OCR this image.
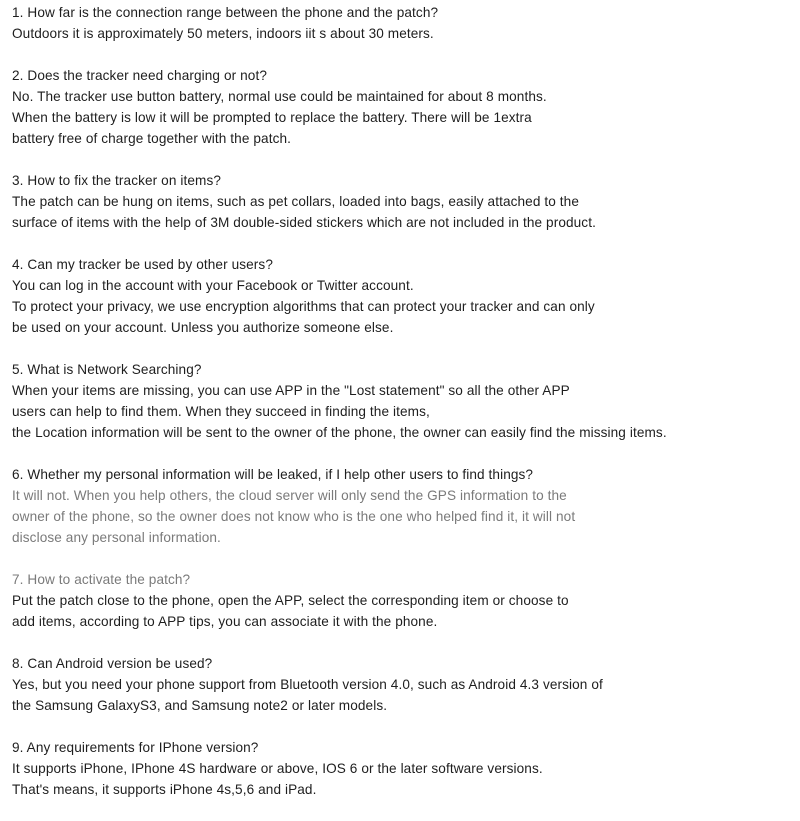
1. How far is the connection range between the phone and the patch?
Outdoors it is approximately 50 meters, indoors iit s about 30 meters.
2. Does the tracker need charging or not?
No. The tracker use button battery, normal use could be maintained for about 8 months.
When the battery is low it will be prompted to replace the battery. There will be 1extra
battery free of charge together with the patch.
3. How to fix the tracker on items?
The patch can be hung on items, such as pet collars, loaded into bags, easily attached to the
surface of items with the help of 3M double-sided stickers which are not included in the product.
4. Can my tracker be used by other users?
You can log in the account with your Facebook or Twitter account.
To protect your privacy, we use encryption algorithms that can protect your tracker and can only
be used on your account. Unless you authorize someone else.
5. What is Network Searching?
When your items are missing, you can use APP in the "Lost statement" so all the other APP
users can help to find them. When they succeed in finding the items,
the Location information will be sent to the owner of the phone, the owner can easily find the missing items.
6. Whether my personal information will be leaked, if I help other users to find things?
It will not. When you help others, the cloud server will only send the GPS information to the
owner of the phone, so the owner does not know who is the one who helped find it, it will not
disclose any personal information.
7. How to activate the patch?
Put the patch close to the phone, open the APP, select the corresponding item or choose to
add items, according to APP tips, you can associate it with the phone.
8. Can Android version be used?
Yes, but you need your phone support from Bluetooth version 4.0, such as Android 4.3 version of
the Samsung GalaxyS3, and Samsung note2 or later models.
9. Any requirements for IPhone version?
It supports iPhone, IPhone 4S hardware or above, IOS 6 or the later software versions.
That's means, it supports iPhone 4s,5,6 and iPad.
